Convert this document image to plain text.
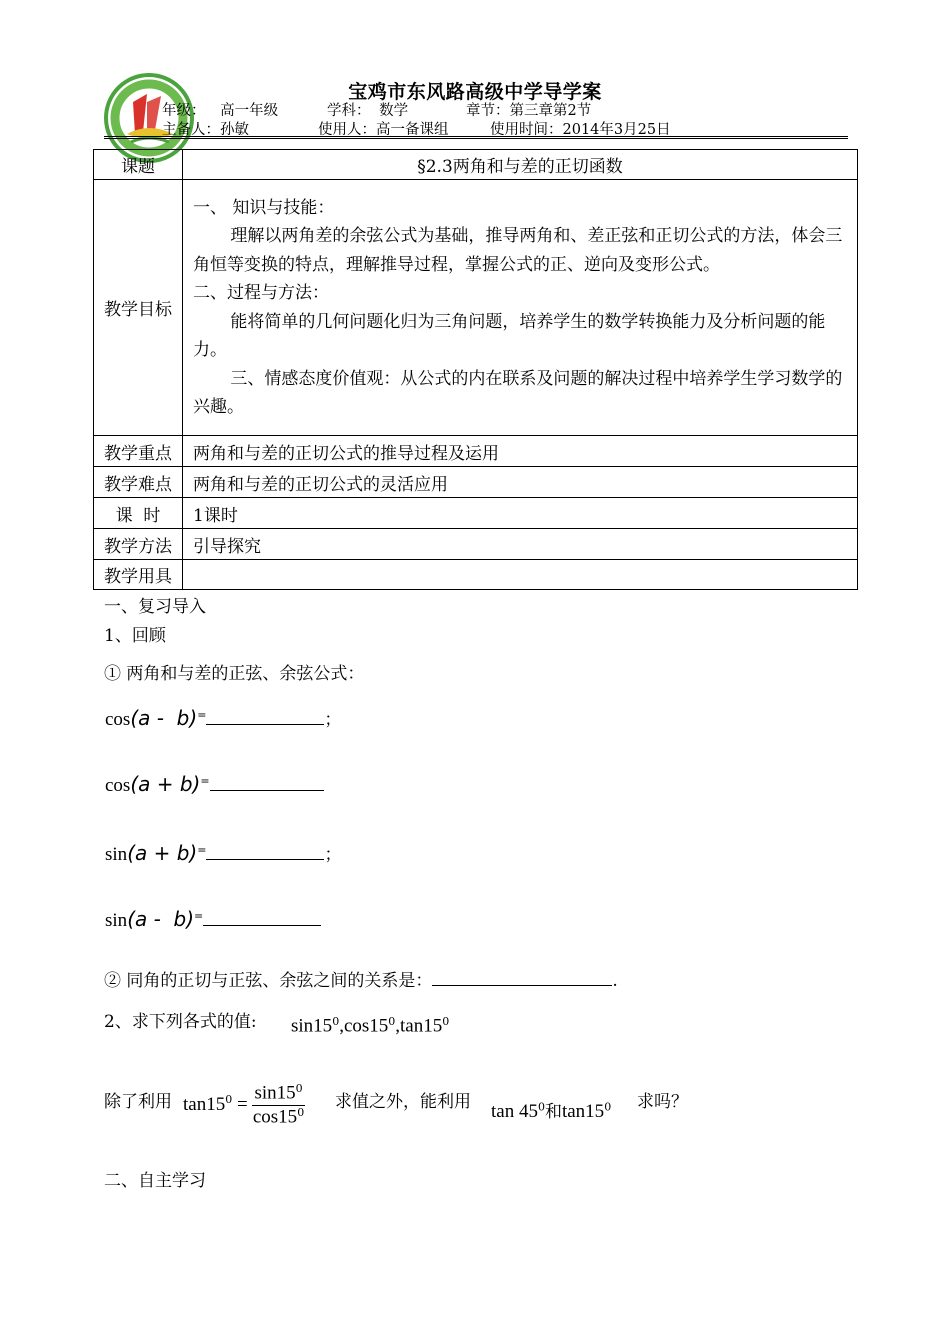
宝鸡市东风路高级中学导学案
年级： 高一年级	学科： 数学	章节：第三章第2节
主备人：孙敏	使用人：高一备课组	使用时间：2014年3月25日
课题	§2.3两角和与差的正切函数
教学目标	一、 知识与技能：
理解以两角差的余弦公式为基础，推导两角和、差正弦和正切公式的方法，体会三角恒等变换的特点，理解推导过程，掌握公式的正、逆向及变形公式。
二、过程与方法：
能将简单的几何问题化归为三角问题，培养学生的数学转换能力及分析问题的能力。
三、情感态度价值观：从公式的内在联系及问题的解决过程中培养学生学习数学的兴趣。

教学重点	两角和与差的正切公式的推导过程及运用
教学难点	两角和与差的正切公式的灵活应用
课  时	1课时
教学方法	引导探究
教学用具	
一、复习导入
1、回顾
① 两角和与差的正弦、余弦公式：
cos(a -  b)=	；
cos(a + b)=
sin(a + b)=	；
sin(a -  b)=
② 同角的正切与正弦、余弦之间的关系是：	.
2、求下列各式的值: $\sin 15^0,\cos 15^0,\tan 15^0$
除了利用 $\tan 15^0 = \frac{\sin 15^0}{\cos 15^0}$ 求值之外，能利用 $\tan 45^0$和$\tan 15^0$ 求吗？
二、自主学习
